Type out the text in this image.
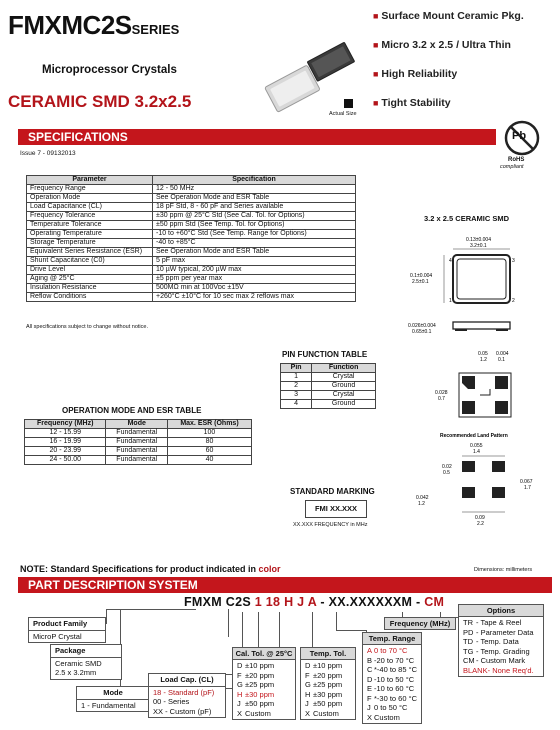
FMXMC2SSERIES
Microprocessor Crystals
CERAMIC SMD 3.2x2.5
Actual Size
■ Surface Mount Ceramic Pkg.
■ Micro 3.2 x 2.5 / Ultra Thin
■ High Reliability
■ Tight Stability
SPECIFICATIONS
Issue 7 - 09132013
Pb
RoHS
compliant
Parameter	Specification
Frequency Range	12 - 50 MHz
Operation Mode	See Operation Mode and ESR Table
Load Capacitance (CL)	18 pF Std, 8 - 60 pF and Series available
Frequency Tolerance	±30 ppm @ 25°C Std (See Cal. Tol. for Options)
Temperature Tolerance	±50 ppm Std (See Temp. Tol. for Options)
Operating Temperature	-10 to +60°C Std (See Temp. Range for Options)
Storage Temperature	-40 to +85°C
Equivalent Series Resistance (ESR)	See Operation Mode and ESR Table
Shunt Capacitance (C0)	5 pF max
Drive Level	10 µW typical, 200 µW max
Aging @ 25°C	±5 ppm per year max
Insulation Resistance	500MΩ min at 100Vᴅᴄ ±15V
Reflow Conditions	+260°C ±10°C for 10 sec max 2 reflows max
All specifications subject to change without notice.
3.2 x 2.5 CERAMIC SMD
4	3
1	2
0.13±0.004
3.2±0.1
0.1±0.004
2.5±0.1
0.026±0.004
0.65±0.1
0.05
1.2
0.004
0.1
0.028
0.7
Recommended Land Pattern
0.055
1.4
0.02
0.5
0.042
1.2
0.067
1.7
0.09
2.2
PIN FUNCTION TABLE
Pin	Function
1	Crystal
2	Ground
3	Crystal
4	Ground
OPERATION MODE AND ESR TABLE
Frequency (MHz)	Mode	Max. ESR (Ohms)
12 - 15.99	Fundamental	100
16 - 19.99	Fundamental	80
20 - 23.99	Fundamental	60
24 - 50.00	Fundamental	40
STANDARD MARKING
FMI XX.XXX
XX.XXX FREQUENCY in MHz
NOTE: Standard Specifications for product indicated in color	Dimensions: millimeters
PART DESCRIPTION SYSTEM
FMXM C2S 1 18 H J A - XX.XXXXXXM - CM
Product Family
MicroP Crystal
Package
Ceramic SMD
2.5 x 3.2mm
Mode
1 - Fundamental
Load Cap. (CL)
18 - Standard (pF)
00 - Series
XX - Custom (pF)
Cal. Tol. @ 25°C
D ±10 ppm
F ±20 ppm
G ±25 ppm
H ±30 ppm
J ±50 ppm
X Custom
Temp. Tol.
D ±10 ppm
F ±20 ppm
G ±25 ppm
H ±30 ppm
J ±50 ppm
X Custom
Temp. Range
A 0 to 70 °C
B -20 to 70 °C
C *-40 to 85 °C
D -10 to 50 °C
E -10 to 60 °C
F *-30 to 60 °C
J 0 to 50 °C
X Custom
Frequency (MHz)
Options
TR - Tape & Reel
PD - Parameter Data
TD - Temp. Data
TG - Temp. Grading
CM- Custom Mark
BLANK- None Req'd.
